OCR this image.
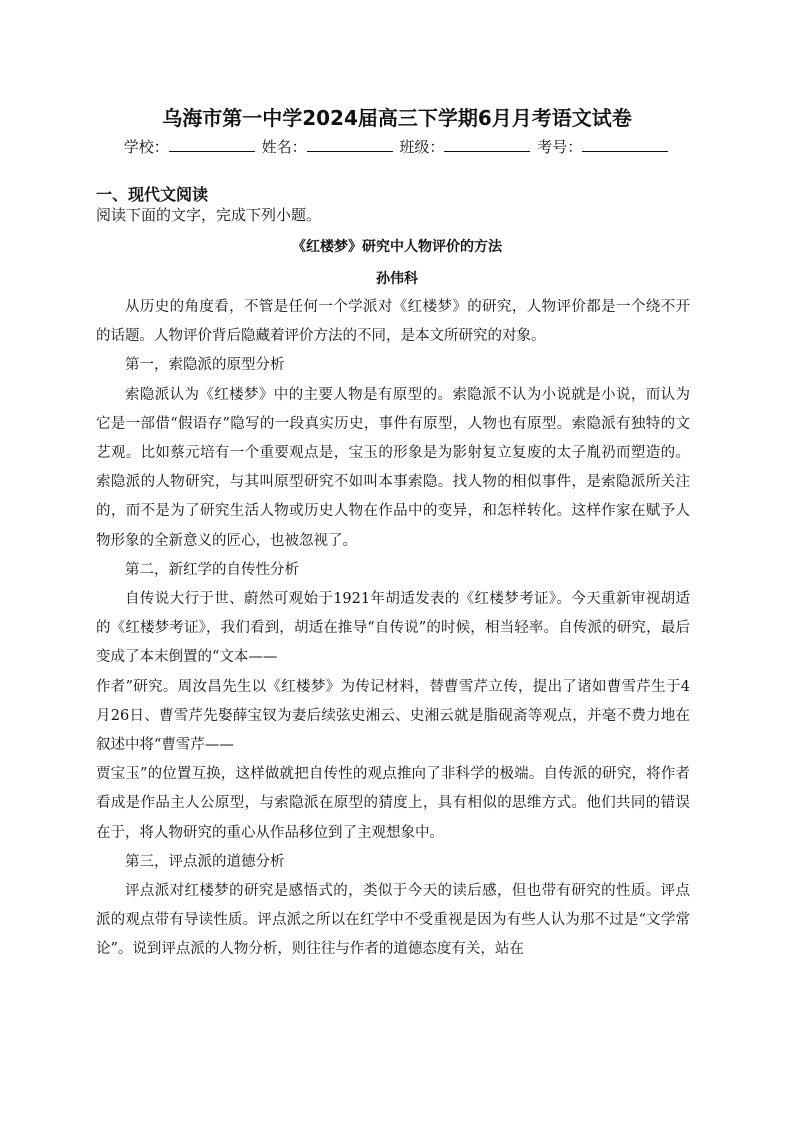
乌海市第一中学2024届高三下学期6月月考语文试卷
学校：	姓名：	班级：	考号：
一、现代文阅读
阅读下面的文字，完成下列小题。
《红楼梦》研究中人物评价的方法
孙伟科

从历史的角度看，不管是任何一个学派对《红楼梦》的研究，人物评价都是一个绕不开的话题。人物评价背后隐藏着评价方法的不同，是本文所研究的对象。

第一，索隐派的原型分析

索隐派认为《红楼梦》中的主要人物是有原型的。索隐派不认为小说就是小说，而认为它是一部借“假语存”隐写的一段真实历史，事件有原型，人物也有原型。索隐派有独特的文艺观。比如蔡元培有一个重要观点是，宝玉的形象是为影射复立复废的太子胤礽而塑造的。索隐派的人物研究，与其叫原型研究不如叫本事索隐。找人物的相似事件，是索隐派所关注的，而不是为了研究生活人物或历史人物在作品中的变异，和怎样转化。这样作家在赋予人物形象的全新意义的匠心，也被忽视了。

第二，新红学的自传性分析

自传说大行于世、蔚然可观始于1921年胡适发表的《红楼梦考证》。今天重新审视胡适的《红楼梦考证》，我们看到，胡适在推导“自传说”的时候，相当轻率。自传派的研究，最后变成了本末倒置的“文本——

作者”研究。周汝昌先生以《红楼梦》为传记材料，替曹雪芹立传，提出了诸如曹雪芹生于4月26日、曹雪芹先娶薛宝钗为妻后续弦史湘云、史湘云就是脂砚斋等观点，并毫不费力地在叙述中将“曹雪芹——

贾宝玉”的位置互换，这样做就把自传性的观点推向了非科学的极端。自传派的研究，将作者看成是作品主人公原型，与索隐派在原型的猜度上，具有相似的思维方式。他们共同的错误在于，将人物研究的重心从作品移位到了主观想象中。

第三，评点派的道德分析

评点派对红楼梦的研究是感悟式的，类似于今天的读后感，但也带有研究的性质。评点派的观点带有导读性质。评点派之所以在红学中不受重视是因为有些人认为那不过是“文学常论”。说到评点派的人物分析，则往往与作者的道德态度有关，站在
